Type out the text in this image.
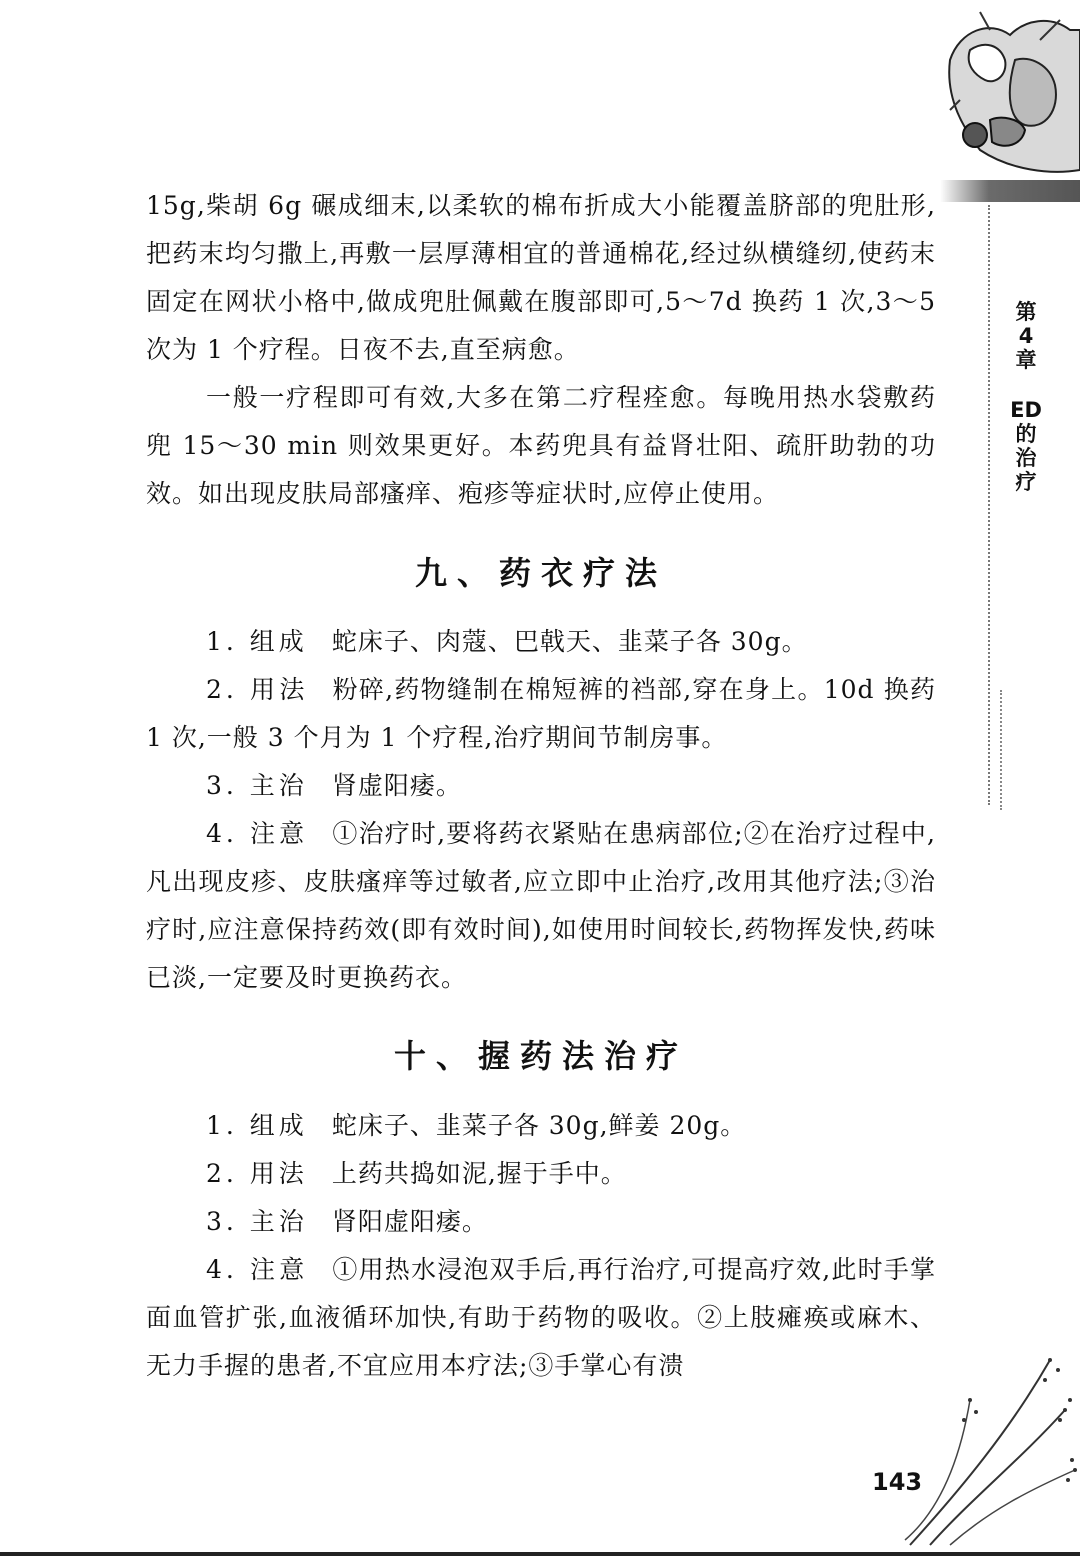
第
4
章
ED
的
治
疗

15g,柴胡 6g 碾成细末,以柔软的棉布折成大小能覆盖脐部的兜肚形,把药末均匀撒上,再敷一层厚薄相宜的普通棉花,经过纵横缝纫,使药末固定在网状小格中,做成兜肚佩戴在腹部即可,5～7d 换药 1 次,3～5 次为 1 个疗程。日夜不去,直至病愈。

一般一疗程即可有效,大多在第二疗程痊愈。每晚用热水袋敷药兜 15～30 min 则效果更好。本药兜具有益肾壮阳、疏肝助勃的功效。如出现皮肤局部瘙痒、疱疹等症状时,应停止使用。

九、药衣疗法

1. 组成 蛇床子、肉蔻、巴戟天、韭菜子各 30g。

2. 用法 粉碎,药物缝制在棉短裤的裆部,穿在身上。10d 换药 1 次,一般 3 个月为 1 个疗程,治疗期间节制房事。

3. 主治 肾虚阳痿。

4. 注意 ①治疗时,要将药衣紧贴在患病部位;②在治疗过程中,凡出现皮疹、皮肤瘙痒等过敏者,应立即中止治疗,改用其他疗法;③治疗时,应注意保持药效(即有效时间),如使用时间较长,药物挥发快,药味已淡,一定要及时更换药衣。

十、握药法治疗

1. 组成 蛇床子、韭菜子各 30g,鲜姜 20g。

2. 用法 上药共捣如泥,握于手中。

3. 主治 肾阳虚阳痿。

4. 注意 ①用热水浸泡双手后,再行治疗,可提高疗效,此时手掌面血管扩张,血液循环加快,有助于药物的吸收。②上肢瘫痪或麻木、无力手握的患者,不宜应用本疗法;③手掌心有溃

143
